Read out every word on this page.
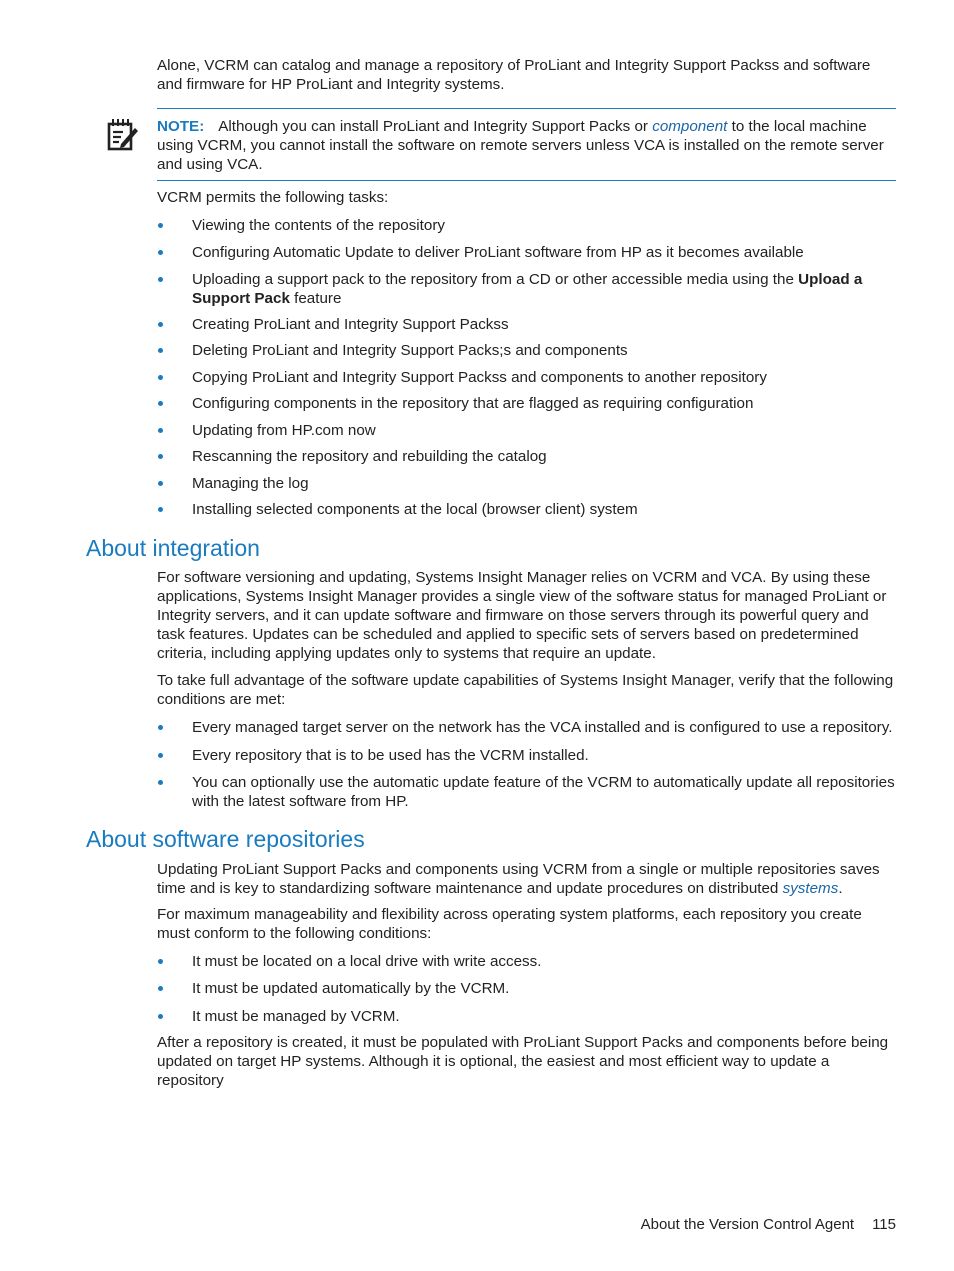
Alone, VCRM can catalog and manage a repository of ProLiant and Integrity Support Packss and software and firmware for HP ProLiant and Integrity systems.

NOTE: Although you can install ProLiant and Integrity Support Packs or component to the local machine using VCRM, you cannot install the software on remote servers unless VCA is installed on the remote server and using VCA.

VCRM permits the following tasks:

Viewing the contents of the repository
Configuring Automatic Update to deliver ProLiant software from HP as it becomes available
Uploading a support pack to the repository from a CD or other accessible media using the Upload a Support Pack feature
Creating ProLiant and Integrity Support Packss
Deleting ProLiant and Integrity Support Packs;s and components
Copying ProLiant and Integrity Support Packss and components to another repository
Configuring components in the repository that are flagged as requiring configuration
Updating from HP.com now
Rescanning the repository and rebuilding the catalog
Managing the log
Installing selected components at the local (browser client) system
About integration

For software versioning and updating, Systems Insight Manager relies on VCRM and VCA. By using these applications, Systems Insight Manager provides a single view of the software status for managed ProLiant or Integrity servers, and it can update software and firmware on those servers through its powerful query and task features. Updates can be scheduled and applied to specific sets of servers based on predetermined criteria, including applying updates only to systems that require an update.

To take full advantage of the software update capabilities of Systems Insight Manager, verify that the following conditions are met:

Every managed target server on the network has the VCA installed and is configured to use a repository.
Every repository that is to be used has the VCRM installed.
You can optionally use the automatic update feature of the VCRM to automatically update all repositories with the latest software from HP.
About software repositories

Updating ProLiant Support Packs and components using VCRM from a single or multiple repositories saves time and is key to standardizing software maintenance and update procedures on distributed systems.

For maximum manageability and flexibility across operating system platforms, each repository you create must conform to the following conditions:

It must be located on a local drive with write access.
It must be updated automatically by the VCRM.
It must be managed by VCRM.

After a repository is created, it must be populated with ProLiant Support Packs and components before being updated on target HP systems. Although it is optional, the easiest and most efficient way to update a repository

About the Version Control Agent 115
